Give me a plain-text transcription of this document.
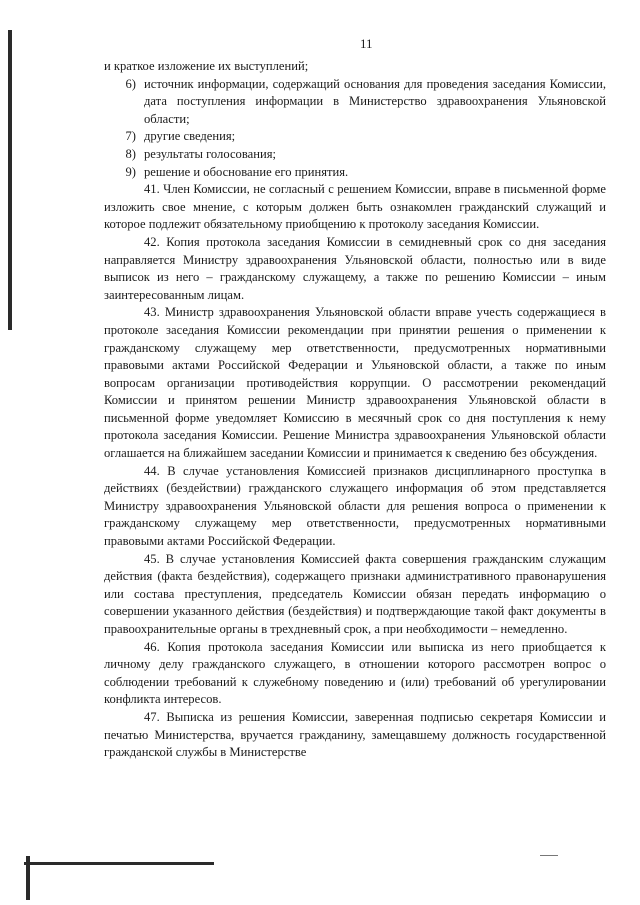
11

и краткое изложение их выступлений;

6) источник информации, содержащий основания для проведения заседания Комиссии, дата поступления информации в Министерство здравоохранения Ульяновской области;
7) другие сведения;
8) результаты голосования;
9) решение и обоснование его принятия.

41. Член Комиссии, не согласный с решением Комиссии, вправе в письменной форме изложить свое мнение, с которым должен быть ознакомлен гражданский служащий и которое подлежит обязательному приобщению к протоколу заседания Комиссии.

42. Копия протокола заседания Комиссии в семидневный срок со дня заседания направляется Министру здравоохранения Ульяновской области, полностью или в виде выписок из него – гражданскому служащему, а также по решению Комиссии – иным заинтересованным лицам.

43. Министр здравоохранения Ульяновской области вправе учесть содержащиеся в протоколе заседания Комиссии рекомендации при принятии решения о применении к гражданскому служащему мер ответственности, предусмотренных нормативными правовыми актами Российской Федерации и Ульяновской области, а также по иным вопросам организации противодействия коррупции. О рассмотрении рекомендаций Комиссии и принятом решении Министр здравоохранения Ульяновской области в письменной форме уведомляет Комиссию в месячный срок со дня поступления к нему протокола заседания Комиссии. Решение Министра здравоохранения Ульяновской области оглашается на ближайшем заседании Комиссии и принимается к сведению без обсуждения.

44. В случае установления Комиссией признаков дисциплинарного проступка в действиях (бездействии) гражданского служащего информация об этом представляется Министру здравоохранения Ульяновской области для решения вопроса о применении к гражданскому служащему мер ответственности, предусмотренных нормативными правовыми актами Российской Федерации.

45. В случае установления Комиссией факта совершения гражданским служащим действия (факта бездействия), содержащего признаки административного правонарушения или состава преступления, председатель Комиссии обязан передать информацию о совершении указанного действия (бездействия) и подтверждающие такой факт документы в правоохранительные органы в трехдневный срок, а при необходимости – немедленно.

46. Копия протокола заседания Комиссии или выписка из него приобщается к личному делу гражданского служащего, в отношении которого рассмотрен вопрос о соблюдении требований к служебному поведению и (или) требований об урегулировании конфликта интересов.

47. Выписка из решения Комиссии, заверенная подписью секретаря Комиссии и печатью Министерства, вручается гражданину, замещавшему должность государственной гражданской службы в Министерстве
